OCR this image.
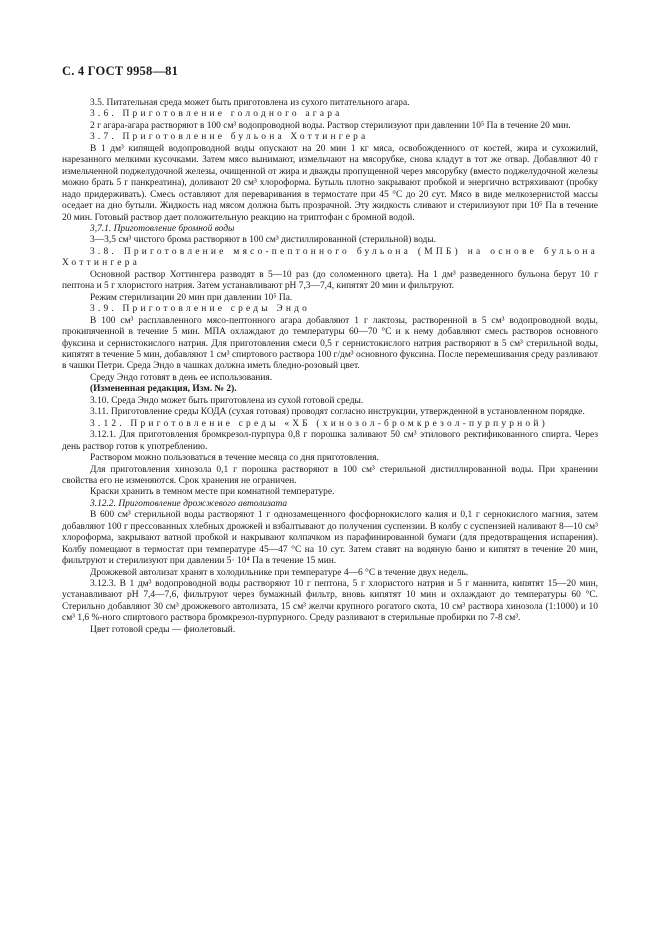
С. 4 ГОСТ 9958—81

3.5. Питательная среда может быть приготовлена из сухого питательного агара.

3.6. Приготовление голодного агара

2 г агара-агара растворяют в 100 см³ водопроводной воды. Раствор стерилизуют при давлении 10⁵ Па в течение 20 мин.

3.7. Приготовление бульона Хоттингера

В 1 дм³ кипящей водопроводной воды опускают на 20 мин 1 кг мяса, освобожденного от костей, жира и сухожилий, нарезанного мелкими кусочками. Затем мясо вынимают, измельчают на мясорубке, снова кладут в тот же отвар. Добавляют 40 г измельченной поджелудочной железы, очищенной от жира и дважды пропущенной через мясорубку (вместо поджелудочной железы можно брать 5 г панкреатина), доливают 20 см³ хлороформа. Бутыль плотно закрывают пробкой и энергично встряхивают (пробку надо придерживать). Смесь оставляют для переваривания в термостате при 45 °С до 20 сут. Мясо в виде мелкозернистой массы оседает на дно бутыли. Жидкость над мясом должна быть прозрачной. Эту жидкость сливают и стерилизуют при 10⁵ Па в течение 20 мин. Готовый раствор дает положительную реакцию на триптофан с бромной водой.

3,7.1. Приготовление бромной воды

3—3,5 см³ чистого брома растворяют в 100 см³ дистиллированной (стерильной) воды.

3.8. Приготовление мясо-пептонного бульона (МПБ) на основе бульона Хоттингера

Основной раствор Хоттингера разводят в 5—10 раз (до соломенного цвета). На 1 дм³ разведенного бульона берут 10 г пептона и 5 г хлористого натрия. Затем устанавливают рН 7,3—7,4, кипятят 20 мин и фильтруют.

Режим стерилизации 20 мин при давлении 10⁵ Па.

3.9. Приготовление среды Эндо

В 100 см³ расплавленного мясо-пептонного агара добавляют 1 г лактозы, растворенной в 5 см³ водопроводной воды, прокипяченной в течение 5 мин. МПА охлаждают до температуры 60—70 °С и к нему добавляют смесь растворов основного фуксина и сернистокислого натрия. Для приготовления смеси 0,5 г сернистокислого натрия растворяют в 5 см³ стерильной воды, кипятят в течение 5 мин, добавляют 1 см³ спиртового раствора 100 г/дм³ основного фуксина. После перемешивания среду разливают в чашки Петри. Среда Эндо в чашках должна иметь бледно-розовый цвет.

Среду Эндо готовят в день ее использования.

(Измененная редакция, Изм. № 2).

3.10. Среда Эндо может быть приготовлена из сухой готовой среды.

3.11. Приготовление среды КОДА (сухая готовая) проводят согласно инструкции, утвержденной в установленном порядке.

3.12. Приготовление среды «ХБ (хинозол-бромкрезол-пурпурной)

3.12.1. Для приготовления бромкрезол-пурпура 0,8 г порошка заливают 50 см³ этилового ректификованного спирта. Через день раствор готов к употреблению.

Раствором можно пользоваться в течение месяца со дня приготовления.

Для приготовления хинозола 0,1 г порошка растворяют в 100 см³ стерильной дистиллированной воды. При хранении свойства его не изменяются. Срок хранения не ограничен.

Краски хранить в темном месте при комнатной температуре.

3.12.2. Приготовление дрожжевого автолизата

В 600 см³ стерильной воды растворяют 1 г однозамещенного фосфорнокислого калия и 0,1 г сернокислого магния, затем добавляют 100 г прессованных хлебных дрожжей и взбалтывают до получения суспензии. В колбу с суспензией наливают 8—10 см³ хлороформа, закрывают ватной пробкой и накрывают колпачком из парафинированной бумаги (для предотвращения испарения). Колбу помещают в термостат при температуре 45—47 °С на 10 сут. Затем ставят на водяную баню и кипятят в течение 20 мин, фильтруют и стерилизуют при давлении 5· 10⁴ Па в течение 15 мин.

Дрожжевой автолизат хранят в холодильнике при температуре 4—6 °С в течение двух недель.

3.12.3. В 1 дм³ водопроводной воды растворяют 10 г пептона, 5 г хлористого натрия и 5 г маннита, кипятят 15—20 мин, устанавливают рН 7,4—7,6, фильтруют через бумажный фильтр, вновь кипятят 10 мин и охлаждают до температуры 60 °С. Стерильно добавляют 30 см³ дрожжевого автолизата, 15 см³ желчи крупного рогатого скота, 10 см³ раствора хинозола (1:1000) и 10 см³ 1,6 %-ного спиртового раствора бромкрезол-пурпурного. Среду разливают в стерильные пробирки по 7-8 см³.

Цвет готовой среды — фиолетовый.
